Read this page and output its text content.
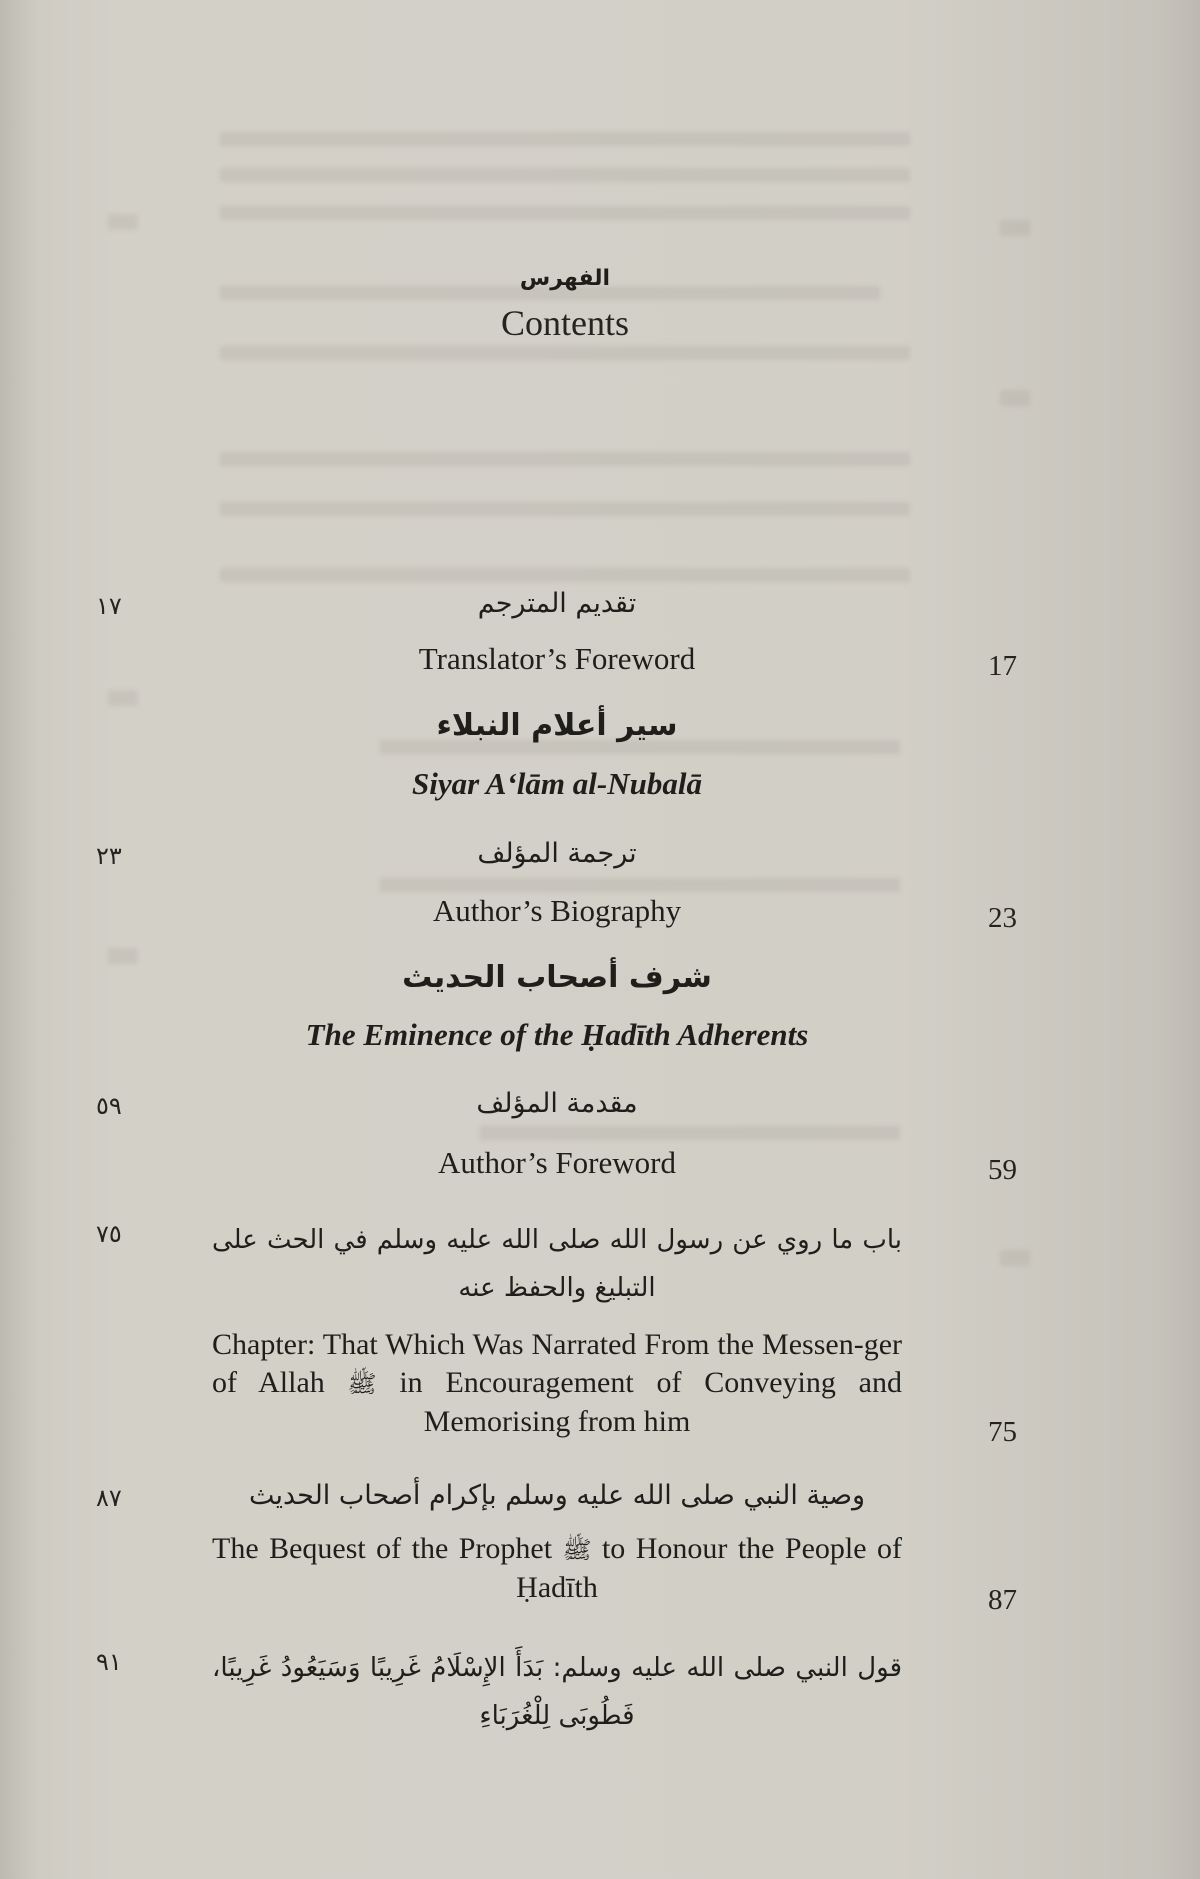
الفهرس
Contents
١٧	تقديم المترجم
Translator’s Foreword	17
سير أعلام النبلاء
Siyar A‘lām al-Nubalā
٢٣	ترجمة المؤلف
Author’s Biography	23
شرف أصحاب الحديث
The Eminence of the Ḥadīth Adherents
٥٩	مقدمة المؤلف
Author’s Foreword	59
٧٥	باب ما روي عن رسول الله صلى الله عليه وسلم في الحث على التبليغ والحفظ عنه
Chapter: That Which Was Narrated From the Messen-ger of Allah ﷺ in Encouragement of Conveying and Memorising from him	75
٨٧	وصية النبي صلى الله عليه وسلم بإكرام أصحاب الحديث
The Bequest of the Prophet ﷺ to Honour the People of Ḥadīth	87
٩١	قول النبي صلى الله عليه وسلم: بَدَأَ الإِسْلَامُ غَرِيبًا وَسَيَعُودُ غَرِيبًا، فَطُوبَى لِلْغُرَبَاءِ
